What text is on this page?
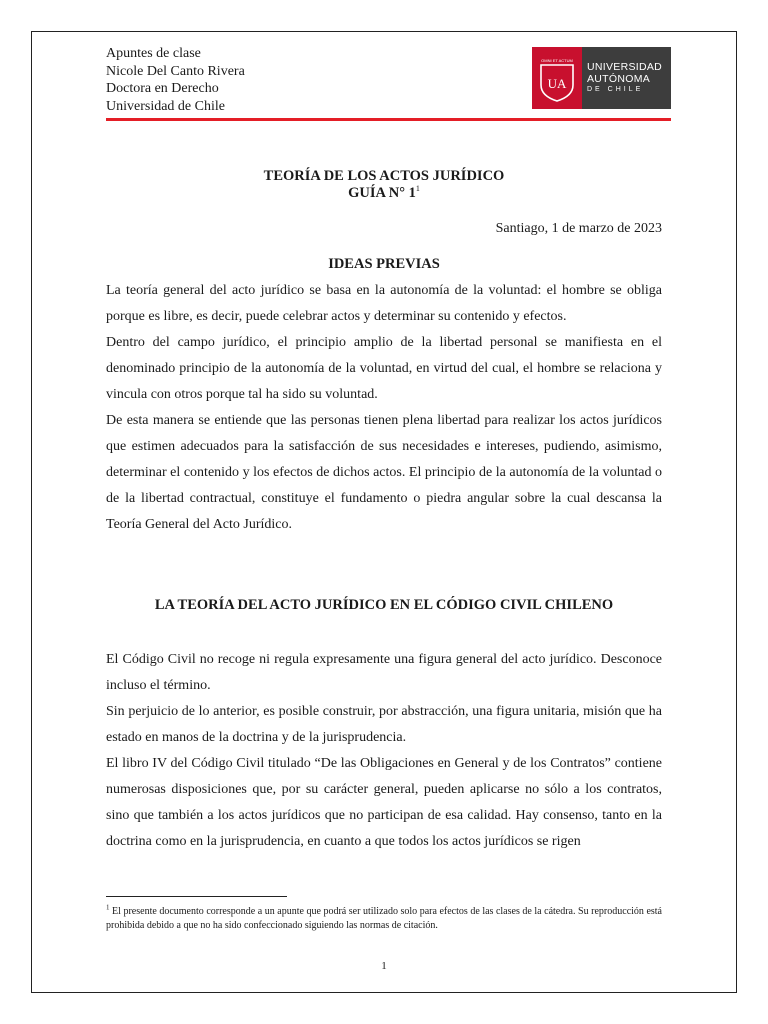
Apuntes de clase
Nicole Del Canto Rivera
Doctora en Derecho
Universidad de Chile
OMNI ET ACTUM
UA
UNIVERSIDAD
AUTÓNOMA
DE CHILE
TEORÍA DE LOS ACTOS JURÍDICO
GUÍA N° $1^1$
Santiago, 1 de marzo de 2023
IDEAS PREVIAS

La teoría general del acto jurídico se basa en la autonomía de la voluntad: el hombre se obliga porque es libre, es decir, puede celebrar actos y determinar su contenido y efectos.

Dentro del campo jurídico, el principio amplio de la libertad personal se manifiesta en el denominado principio de la autonomía de la voluntad, en virtud del cual, el hombre se relaciona y vincula con otros porque tal ha sido su voluntad.

De esta manera se entiende que las personas tienen plena libertad para realizar los actos jurídicos que estimen adecuados para la satisfacción de sus necesidades e intereses, pudiendo, asimismo, determinar el contenido y los efectos de dichos actos. El principio de la autonomía de la voluntad o de la libertad contractual, constituye el fundamento o piedra angular sobre la cual descansa la Teoría General del Acto Jurídico.

LA TEORÍA DEL ACTO JURÍDICO EN EL CÓDIGO CIVIL CHILENO

El Código Civil no recoge ni regula expresamente una figura general del acto jurídico. Desconoce incluso el término.

Sin perjuicio de lo anterior, es posible construir, por abstracción, una figura unitaria, misión que ha estado en manos de la doctrina y de la jurisprudencia.

El libro IV del Código Civil titulado “De las Obligaciones en General y de los Contratos” contiene numerosas disposiciones que, por su carácter general, pueden aplicarse no sólo a los contratos, sino que también a los actos jurídicos que no participan de esa calidad. Hay consenso, tanto en la doctrina como en la jurisprudencia, en cuanto a que todos los actos jurídicos se rigen

$^1$ El presente documento corresponde a un apunte que podrá ser utilizado solo para efectos de las clases de la cátedra. Su reproducción está prohibida debido a que no ha sido confeccionado siguiendo las normas de citación.
1
